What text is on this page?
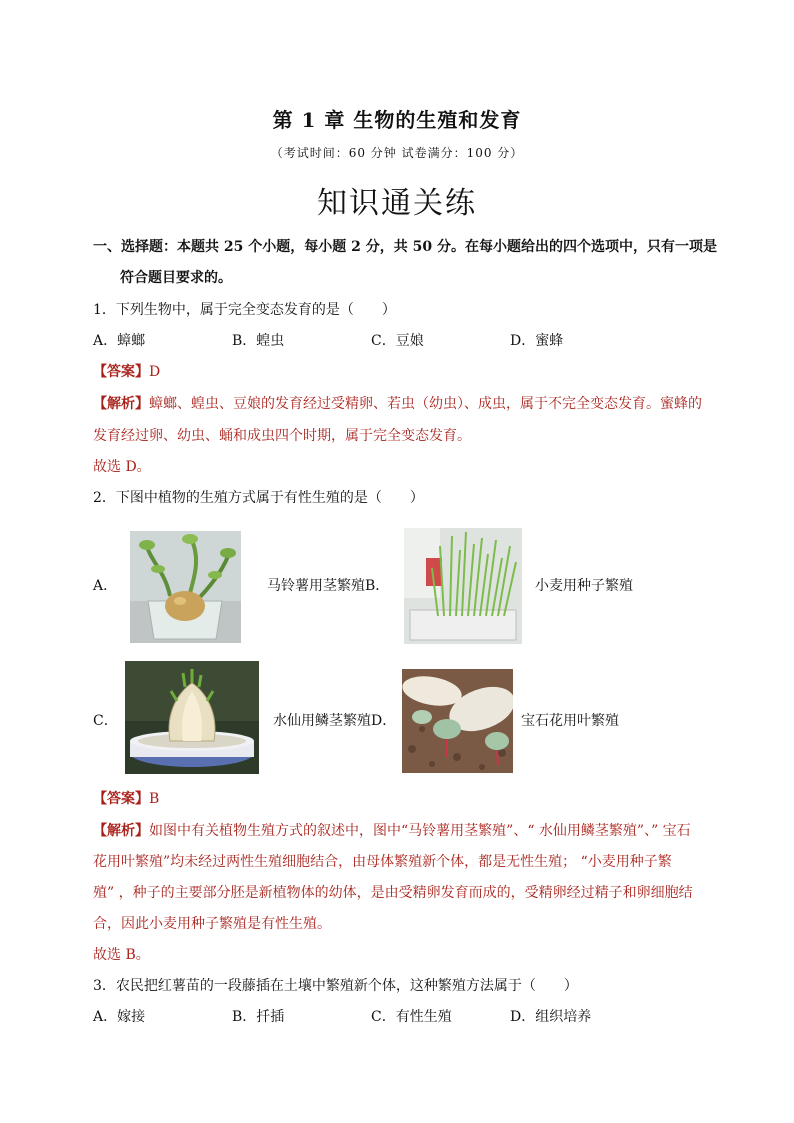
第 1 章 生物的生殖和发育
（考试时间：60 分钟 试卷满分：100 分）
知识通关练
一、选择题：本题共 25 个小题，每小题 2 分，共 50 分。在每小题给出的四个选项中，只有一项是
符合题目要求的。
1．下列生物中，属于完全变态发育的是（　　）
A．蟑螂	B．蝗虫	C．豆娘	D．蜜蜂
【答案】D
【解析】蟑螂、蝗虫、豆娘的发育经过受精卵、若虫（幼虫）、成虫，属于不完全变态发育。蜜蜂的
发育经过卵、幼虫、蛹和成虫四个时期，属于完全变态发育。
故选 D。
2．下图中植物的生殖方式属于有性生殖的是（　　）
A．	马铃薯用茎繁殖B．	小麦用种子繁殖
C．	水仙用鳞茎繁殖D．	宝石花用叶繁殖
【答案】B
【解析】如图中有关植物生殖方式的叙述中，图中“马铃薯用茎繁殖”、“ 水仙用鳞茎繁殖”、” 宝石
花用叶繁殖”均未经过两性生殖细胞结合，由母体繁殖新个体，都是无性生殖； “小麦用种子繁
殖” ，种子的主要部分胚是新植物体的幼体，是由受精卵发育而成的，受精卵经过精子和卵细胞结
合，因此小麦用种子繁殖是有性生殖。
故选 B。
3．农民把红薯苗的一段藤插在土壤中繁殖新个体，这种繁殖方法属于（　　）
A．嫁接	B．扦插	C．有性生殖	D．组织培养
